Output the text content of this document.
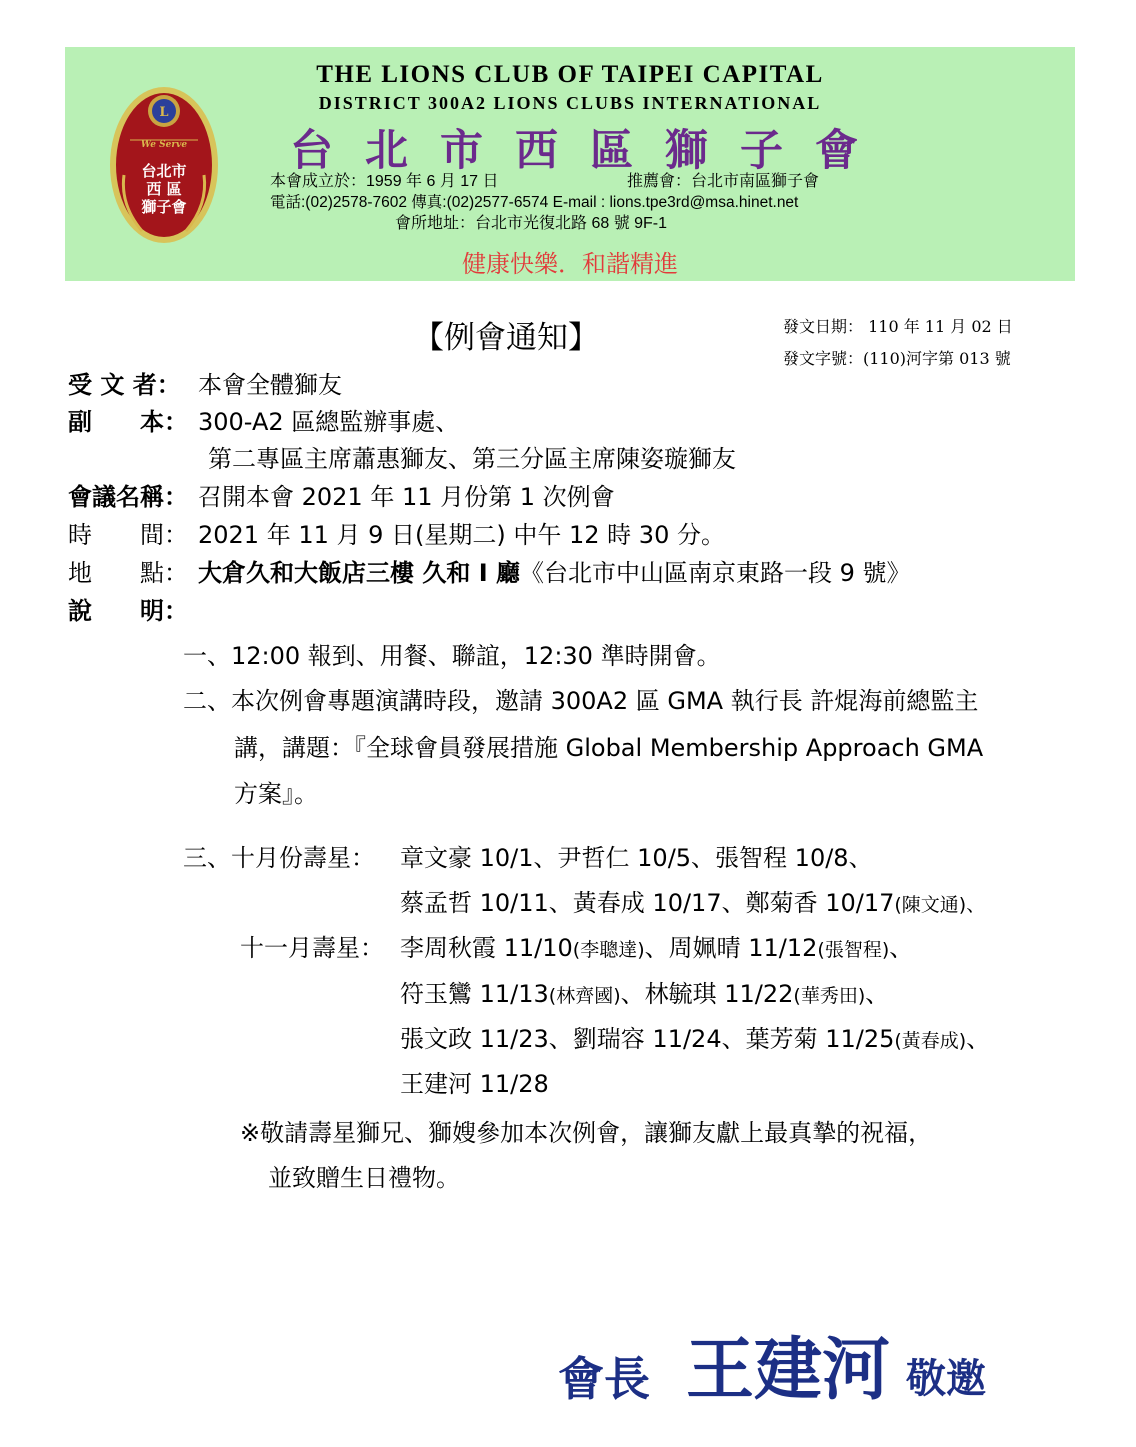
L
We Serve
台北市
西 區
獅子會
THE LIONS CLUB OF TAIPEI CAPITAL
DISTRICT 300A2 LIONS CLUBS INTERNATIONAL
台北市西區獅子會
本會成立於：1959 年 6 月 17 日	推薦會：台北市南區獅子會
電話:(02)2578-7602 傳真:(02)2577-6574 E-mail : lions.tpe3rd@msa.hinet.net
會所地址：台北市光復北路 68 號 9F-1
健康快樂．和諧精進
【例會通知】	發文日期： 110 年 11 月 02 日
發文字號：(110)河字第 013 號
受 文 者： 本會全體獅友
副　　本： 300-A2 區總監辦事處、
第二專區主席蕭惠獅友、第三分區主席陳姿璇獅友
會議名稱： 召開本會 2021 年 11 月份第 1 次例會
時　　間： 2021 年 11 月 9 日(星期二) 中午 12 時 30 分。
地　　點： 大倉久和大飯店三樓 久和 I 廳《台北市中山區南京東路一段 9 號》
說　　明：
一、12:00 報到、用餐、聯誼，12:30 準時開會。
二、本次例會專題演講時段，邀請 300A2 區 GMA 執行長 許焜海前總監主
講，講題：『全球會員發展措施 Global Membership Approach GMA
方案』。
三、十月份壽星： 章文豪 10/1、尹哲仁 10/5、張智程 10/8、
蔡孟哲 10/11、黃春成 10/17、鄭菊香 10/17(陳文通)、
十一月壽星： 李周秋霞 11/10(李聰達)、周姵晴 11/12(張智程)、
符玉鸞 11/13(林齊國)、林毓琪 11/22(華秀田)、
張文政 11/23、劉瑞容 11/24、葉芳菊 11/25(黃春成)、
王建河 11/28
※敬請壽星獅兄、獅嫂參加本次例會，讓獅友獻上最真摯的祝福，
並致贈生日禮物。
會長 王建河 敬邀
